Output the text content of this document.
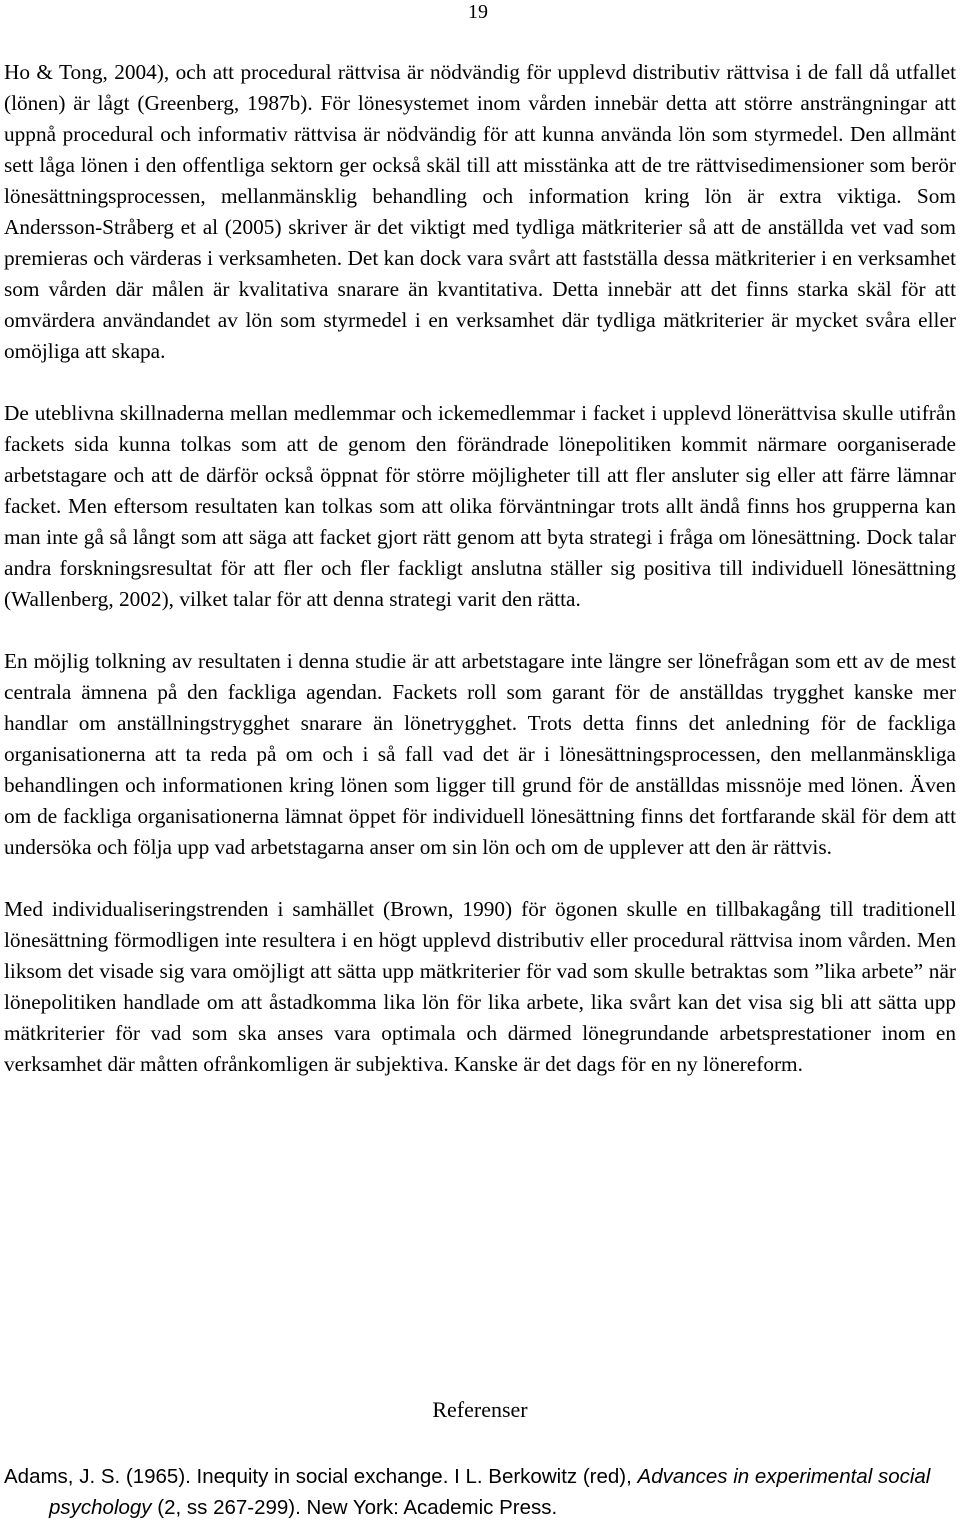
19

Ho & Tong, 2004), och att procedural rättvisa är nödvändig för upplevd distributiv rättvisa i de fall då utfallet (lönen) är lågt (Greenberg, 1987b). För lönesystemet inom vården innebär detta att större ansträngningar att uppnå procedural och informativ rättvisa är nödvändig för att kunna använda lön som styrmedel. Den allmänt sett låga lönen i den offentliga sektorn ger också skäl till att misstänka att de tre rättvisedimensioner som berör lönesättningsprocessen, mellanmänsklig behandling och information kring lön är extra viktiga. Som Andersson-Stråberg et al (2005) skriver är det viktigt med tydliga mätkriterier så att de anställda vet vad som premieras och värderas i verksamheten. Det kan dock vara svårt att fastställa dessa mätkriterier i en verksamhet som vården där målen är kvalitativa snarare än kvantitativa. Detta innebär att det finns starka skäl för att omvärdera användandet av lön som styrmedel i en verksamhet där tydliga mätkriterier är mycket svåra eller omöjliga att skapa.

De uteblivna skillnaderna mellan medlemmar och ickemedlemmar i facket i upplevd lönerättvisa skulle utifrån fackets sida kunna tolkas som att de genom den förändrade lönepolitiken kommit närmare oorganiserade arbetstagare och att de därför också öppnat för större möjligheter till att fler ansluter sig eller att färre lämnar facket. Men eftersom resultaten kan tolkas som att olika förväntningar trots allt ändå finns hos grupperna kan man inte gå så långt som att säga att facket gjort rätt genom att byta strategi i fråga om lönesättning. Dock talar andra forskningsresultat för att fler och fler fackligt anslutna ställer sig positiva till individuell lönesättning (Wallenberg, 2002), vilket talar för att denna strategi varit den rätta.

En möjlig tolkning av resultaten i denna studie är att arbetstagare inte längre ser lönefrågan som ett av de mest centrala ämnena på den fackliga agendan. Fackets roll som garant för de anställdas trygghet kanske mer handlar om anställningstrygghet snarare än lönetrygghet. Trots detta finns det anledning för de fackliga organisationerna att ta reda på om och i så fall vad det är i lönesättningsprocessen, den mellanmänskliga behandlingen och informationen kring lönen som ligger till grund för de anställdas missnöje med lönen. Även om de fackliga organisationerna lämnat öppet för individuell lönesättning finns det fortfarande skäl för dem att undersöka och följa upp vad arbetstagarna anser om sin lön och om de upplever att den är rättvis.

Med individualiseringstrenden i samhället (Brown, 1990) för ögonen skulle en tillbakagång till traditionell lönesättning förmodligen inte resultera i en högt upplevd distributiv eller procedural rättvisa inom vården. Men liksom det visade sig vara omöjligt att sätta upp mätkriterier för vad som skulle betraktas som ”lika arbete” när lönepolitiken handlade om att åstadkomma lika lön för lika arbete, lika svårt kan det visa sig bli att sätta upp mätkriterier för vad som ska anses vara optimala och därmed lönegrundande arbetsprestationer inom en verksamhet där måtten ofrånkomligen är subjektiva. Kanske är det dags för en ny lönereform.

Referenser

Adams, J. S. (1965). Inequity in social exchange. I L. Berkowitz (red), Advances in experimental social psychology (2, ss 267-299). New York: Academic Press.
